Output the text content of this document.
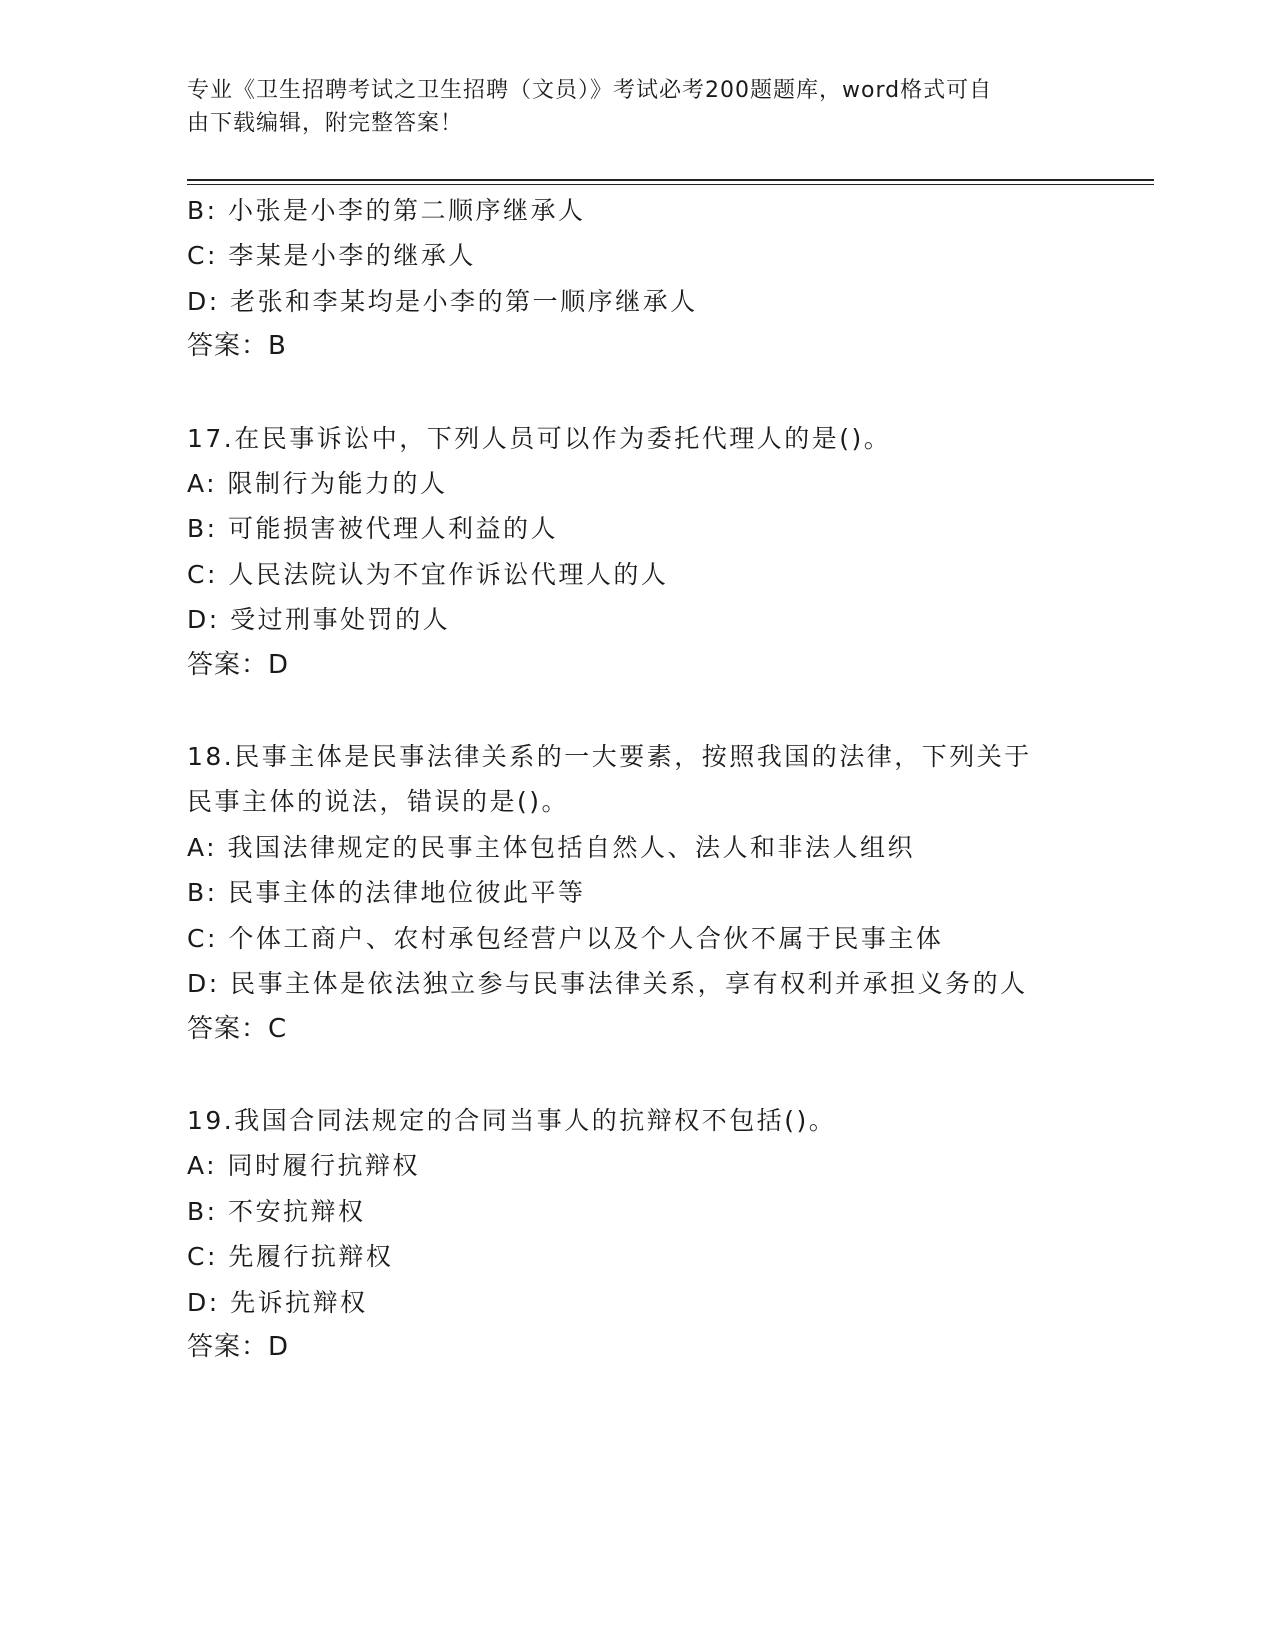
专业《卫生招聘考试之卫生招聘（文员）》考试必考200题题库，word格式可自
由下载编辑，附完整答案！
B: 小张是小李的第二顺序继承人
C: 李某是小李的继承人
D: 老张和李某均是小李的第一顺序继承人
答案：B
17.在民事诉讼中，下列人员可以作为委托代理人的是()。
A: 限制行为能力的人
B: 可能损害被代理人利益的人
C: 人民法院认为不宜作诉讼代理人的人
D: 受过刑事处罚的人
答案：D
18.民事主体是民事法律关系的一大要素，按照我国的法律，下列关于
民事主体的说法，错误的是()。
A: 我国法律规定的民事主体包括自然人、法人和非法人组织
B: 民事主体的法律地位彼此平等
C: 个体工商户、农村承包经营户以及个人合伙不属于民事主体
D: 民事主体是依法独立参与民事法律关系，享有权利并承担义务的人
答案：C
19.我国合同法规定的合同当事人的抗辩权不包括()。
A: 同时履行抗辩权
B: 不安抗辩权
C: 先履行抗辩权
D: 先诉抗辩权
答案：D
